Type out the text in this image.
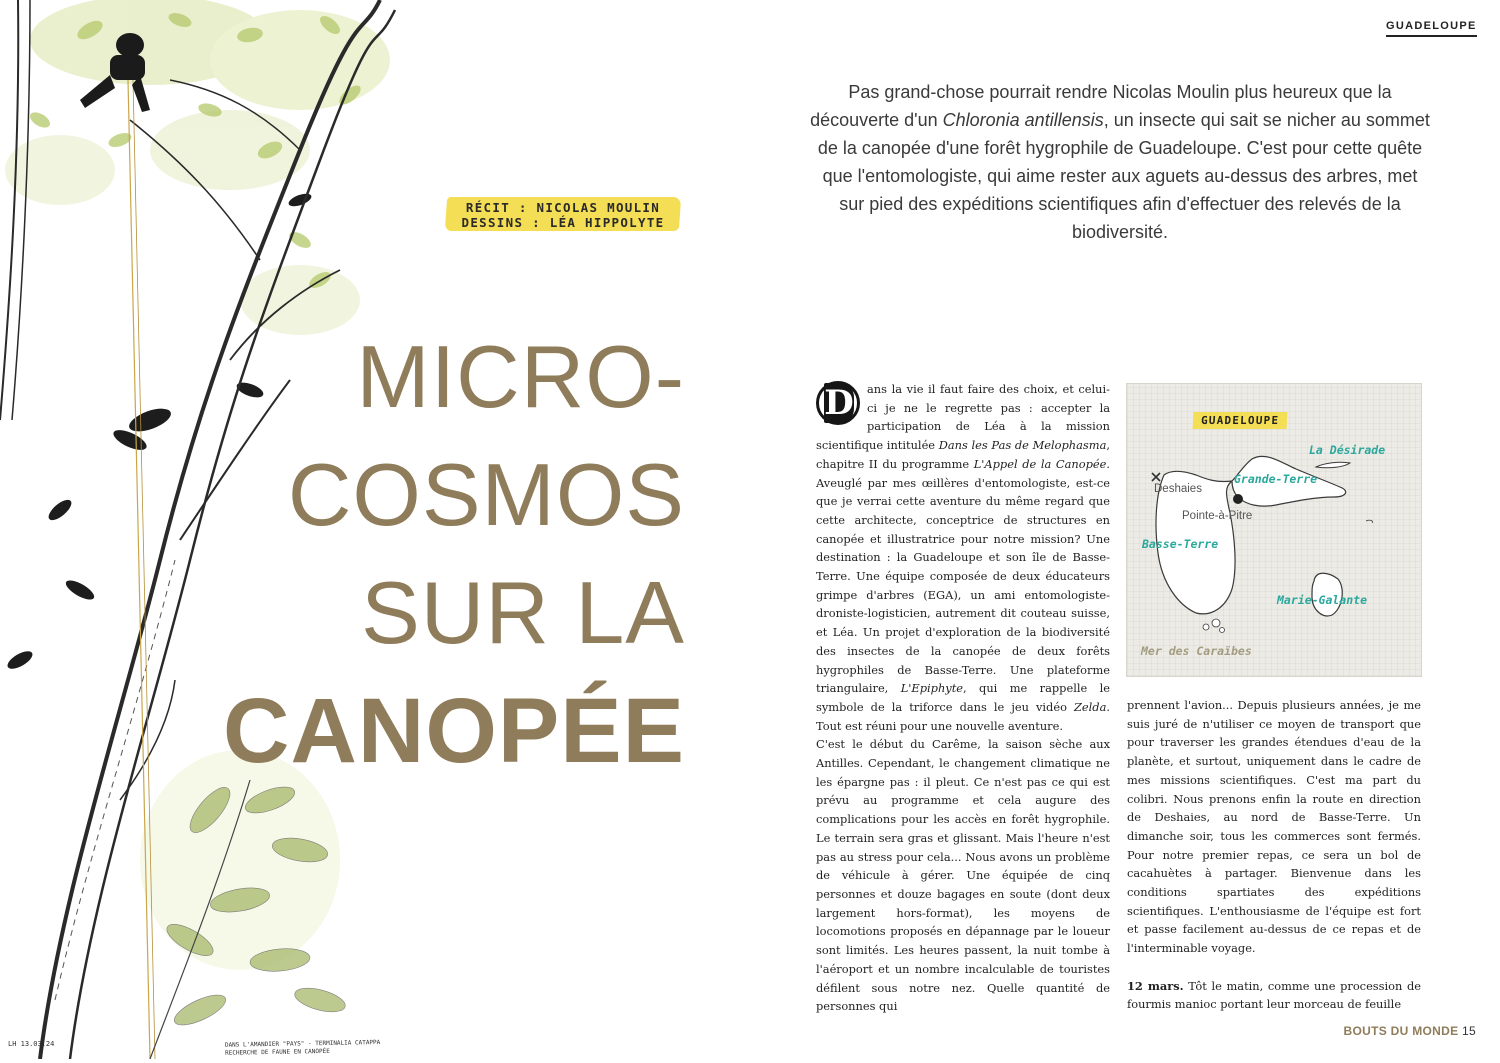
LH 13.03.24	DANS L'AMANDIER "PAYS" - TERMINALIA CATAPPA
RECHERCHE DE FAUNE EN CANOPÉE
RÉCIT : NICOLAS MOULIN
DESSINS : LÉA HIPPOLYTE
MICRO-
COSMOS
SUR LA
CANOPÉE
GUADELOUPE
Pas grand-chose pourrait rendre Nicolas Moulin plus heureux que la découverte d'un Chloronia antillensis, un insecte qui sait se nicher au sommet de la canopée d'une forêt hygrophile de Guadeloupe. C'est pour cette quête que l'entomologiste, qui aime rester aux aguets au-dessus des arbres, met sur pied des expéditions scientifiques afin d'effectuer des relevés de la biodiversité.
D	ans la vie il faut faire des choix, et celui-ci je ne le regrette pas : accepter la participation de Léa à la mission scientifique intitulée Dans les Pas de Melophasma, chapitre II du programme L'Appel de la Canopée. Aveuglé par mes œillères d'entomologiste, est-ce que je verrai cette aventure du même regard que cette architecte, conceptrice de structures en canopée et illustratrice pour notre mission? Une destination : la Guadeloupe et son île de Basse-Terre. Une équipe composée de deux éducateurs grimpe d'arbres (EGA), un ami entomologiste-droniste-logisticien, autrement dit couteau suisse, et Léa. Un projet d'exploration de la biodiversité des insectes de la canopée de deux forêts hygrophiles de Basse-Terre. Une plateforme triangulaire, L'Epiphyte, qui me rappelle le symbole de la triforce dans le jeu vidéo Zelda. Tout est réuni pour une nouvelle aventure.

C'est le début du Carême, la saison sèche aux Antilles. Cependant, le changement climatique ne les épargne pas : il pleut. Ce n'est pas ce qui est prévu au programme et cela augure des complications pour les accès en forêt hygrophile. Le terrain sera gras et glissant. Mais l'heure n'est pas au stress pour cela... Nous avons un problème de véhicule à gérer. Une équipée de cinq personnes et douze bagages en soute (dont deux largement hors-format), les moyens de locomotions proposés en dépannage par le loueur sont limités. Les heures passent, la nuit tombe à l'aéroport et un nombre incalculable de touristes défilent sous notre nez. Quelle quantité de personnes qui

GUADELOUPE
La Désirade
Grande-Terre
Deshaies
Pointe-à-Pitre
Basse-Terre
Marie-Galante
Mer des Caraïbes

prennent l'avion... Depuis plusieurs années, je me suis juré de n'utiliser ce moyen de transport que pour traverser les grandes étendues d'eau de la planète, et surtout, uniquement dans le cadre de mes missions scientifiques. C'est ma part du colibri. Nous prenons enfin la route en direction de Deshaies, au nord de Basse-Terre. Un dimanche soir, tous les commerces sont fermés. Pour notre premier repas, ce sera un bol de cacahuètes à partager. Bienvenue dans les conditions spartiates des expéditions scientifiques. L'enthousiasme de l'équipe est fort et passe facilement au-dessus de ce repas et de l'interminable voyage.

12 mars. Tôt le matin, comme une procession de fourmis manioc portant leur morceau de feuille

BOUTS DU MONDE 15
